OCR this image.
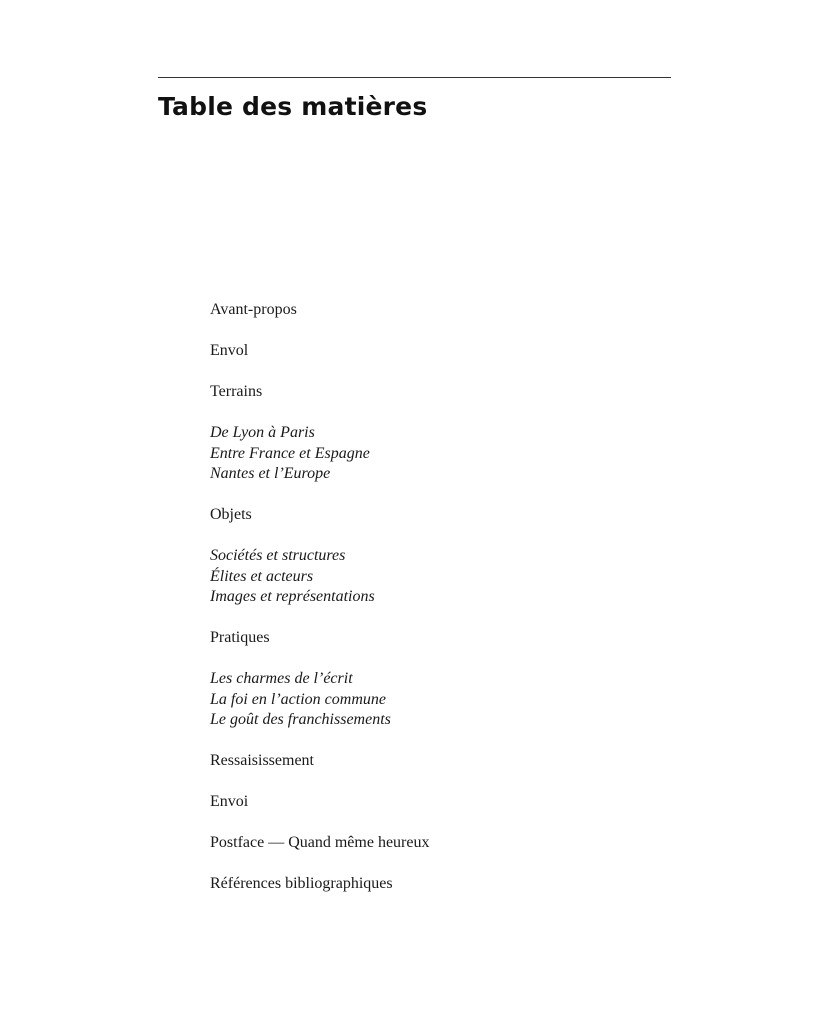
Table des matières
Avant-propos
Envol
Terrains
De Lyon à Paris
Entre France et Espagne
Nantes et l’Europe
Objets
Sociétés et structures
Élites et acteurs
Images et représentations
Pratiques
Les charmes de l’écrit
La foi en l’action commune
Le goût des franchissements
Ressaisissement
Envoi
Postface — Quand même heureux
Références bibliographiques
